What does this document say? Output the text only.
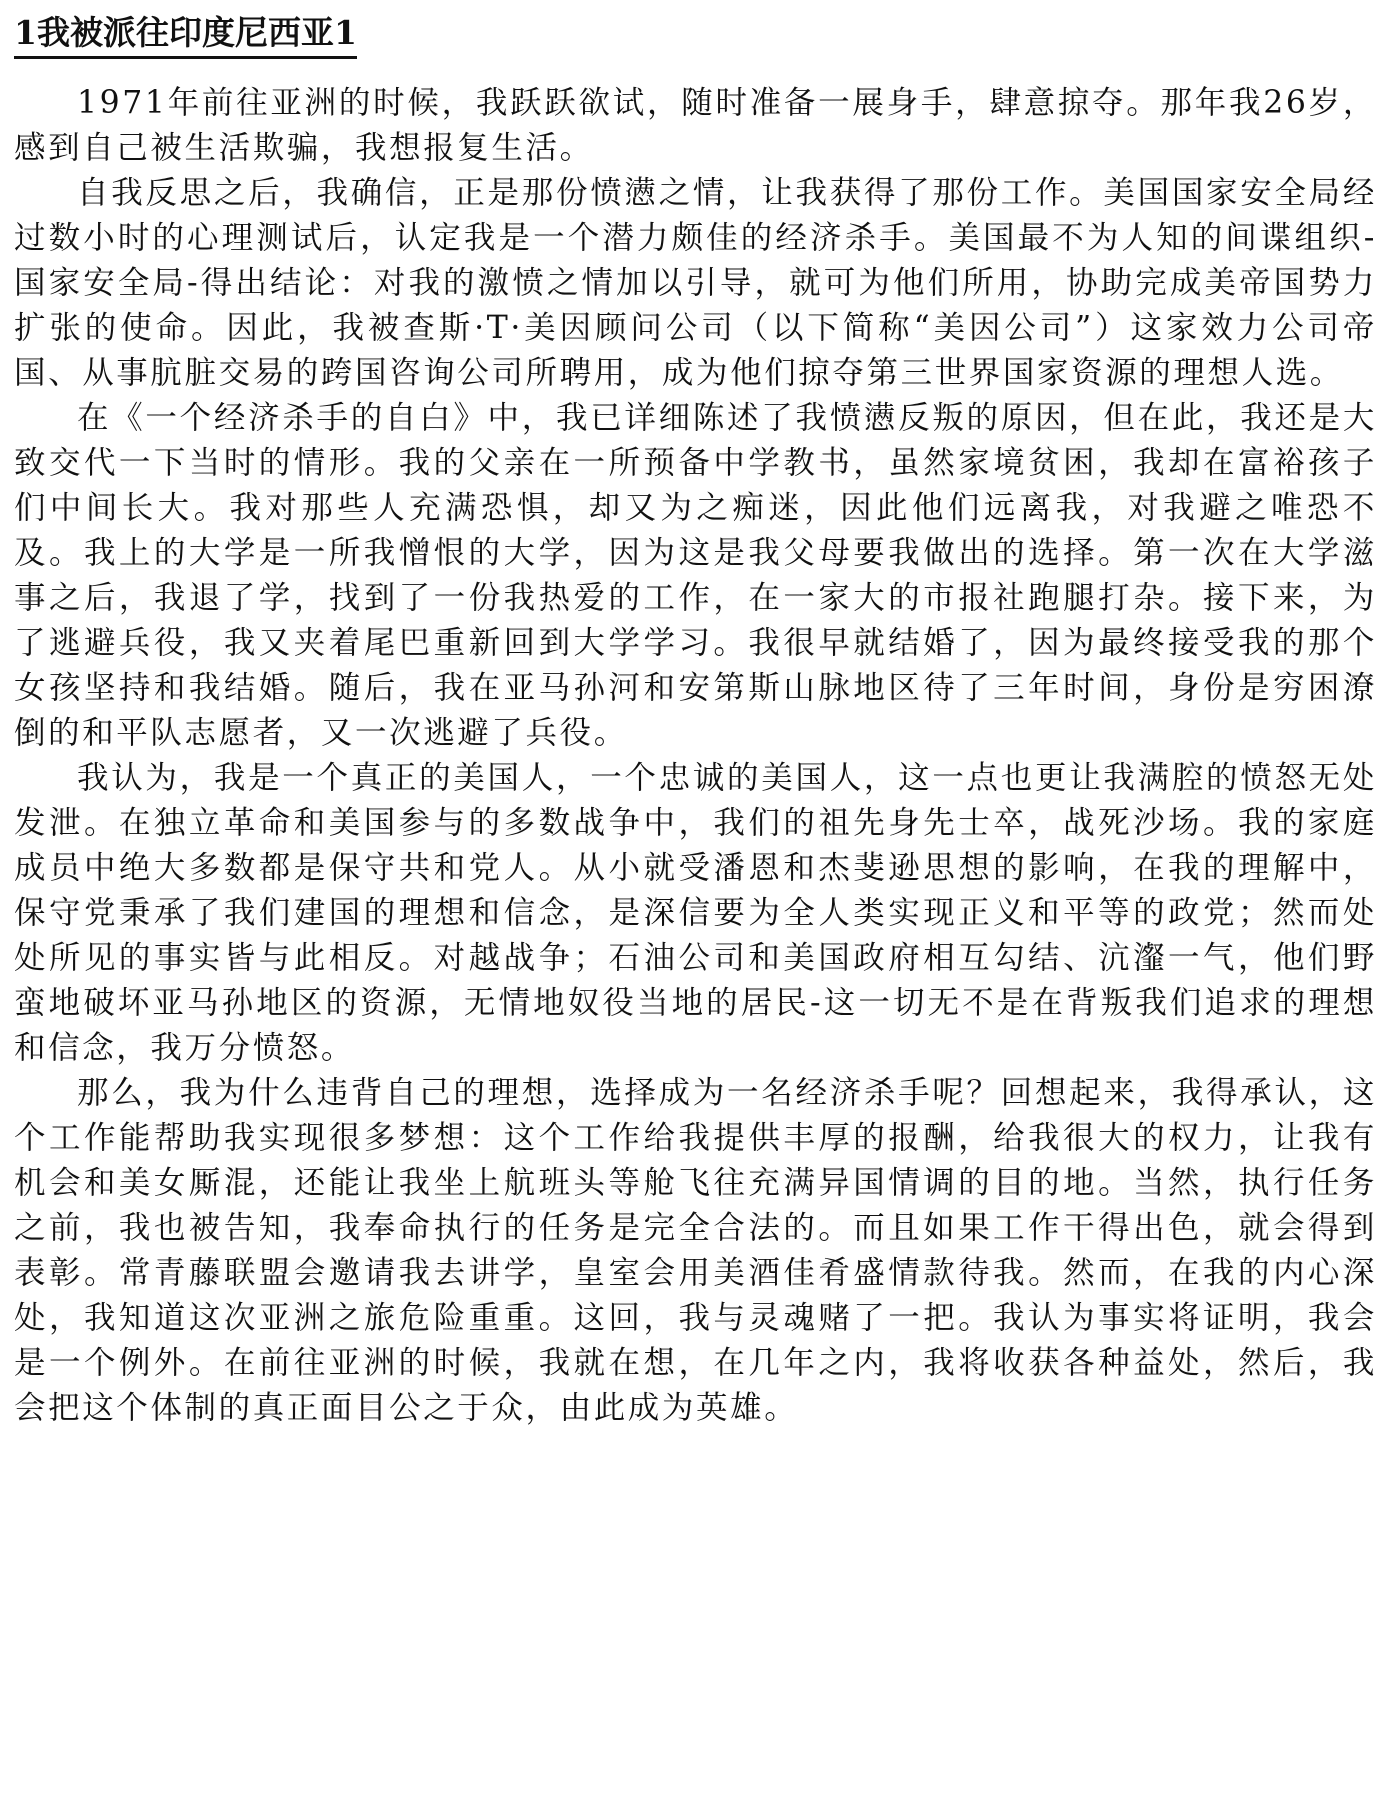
1我被派往印度尼西亚1

1971年前往亚洲的时候，我跃跃欲试，随时准备一展身手，肆意掠夺。那年我26岁，感到自己被生活欺骗，我想报复生活。

自我反思之后，我确信，正是那份愤懑之情，让我获得了那份工作。美国国家安全局经过数小时的心理测试后，认定我是一个潜力颇佳的经济杀手。美国最不为人知的间谍组织-国家安全局-得出结论：对我的激愤之情加以引导，就可为他们所用，协助完成美帝国势力扩张的使命。因此，我被查斯·T·美因顾问公司（以下简称“美因公司”）这家效力公司帝国、从事肮脏交易的跨国咨询公司所聘用，成为他们掠夺第三世界国家资源的理想人选。

在《一个经济杀手的自白》中，我已详细陈述了我愤懑反叛的原因，但在此，我还是大致交代一下当时的情形。我的父亲在一所预备中学教书，虽然家境贫困，我却在富裕孩子们中间长大。我对那些人充满恐惧，却又为之痴迷，因此他们远离我，对我避之唯恐不及。我上的大学是一所我憎恨的大学，因为这是我父母要我做出的选择。第一次在大学滋事之后，我退了学，找到了一份我热爱的工作，在一家大的市报社跑腿打杂。接下来，为了逃避兵役，我又夹着尾巴重新回到大学学习。我很早就结婚了，因为最终接受我的那个女孩坚持和我结婚。随后，我在亚马孙河和安第斯山脉地区待了三年时间，身份是穷困潦倒的和平队志愿者，又一次逃避了兵役。

我认为，我是一个真正的美国人，一个忠诚的美国人，这一点也更让我满腔的愤怒无处发泄。在独立革命和美国参与的多数战争中，我们的祖先身先士卒，战死沙场。我的家庭成员中绝大多数都是保守共和党人。从小就受潘恩和杰斐逊思想的影响，在我的理解中，保守党秉承了我们建国的理想和信念，是深信要为全人类实现正义和平等的政党；然而处处所见的事实皆与此相反。对越战争；石油公司和美国政府相互勾结、沆瀣一气，他们野蛮地破坏亚马孙地区的资源，无情地奴役当地的居民-这一切无不是在背叛我们追求的理想和信念，我万分愤怒。

那么，我为什么违背自己的理想，选择成为一名经济杀手呢？回想起来，我得承认，这个工作能帮助我实现很多梦想：这个工作给我提供丰厚的报酬，给我很大的权力，让我有机会和美女厮混，还能让我坐上航班头等舱飞往充满异国情调的目的地。当然，执行任务之前，我也被告知，我奉命执行的任务是完全合法的。而且如果工作干得出色，就会得到表彰。常青藤联盟会邀请我去讲学，皇室会用美酒佳肴盛情款待我。然而，在我的内心深处，我知道这次亚洲之旅危险重重。这回，我与灵魂赌了一把。我认为事实将证明，我会是一个例外。在前往亚洲的时候，我就在想，在几年之内，我将收获各种益处，然后，我会把这个体制的真正面目公之于众，由此成为英雄。
